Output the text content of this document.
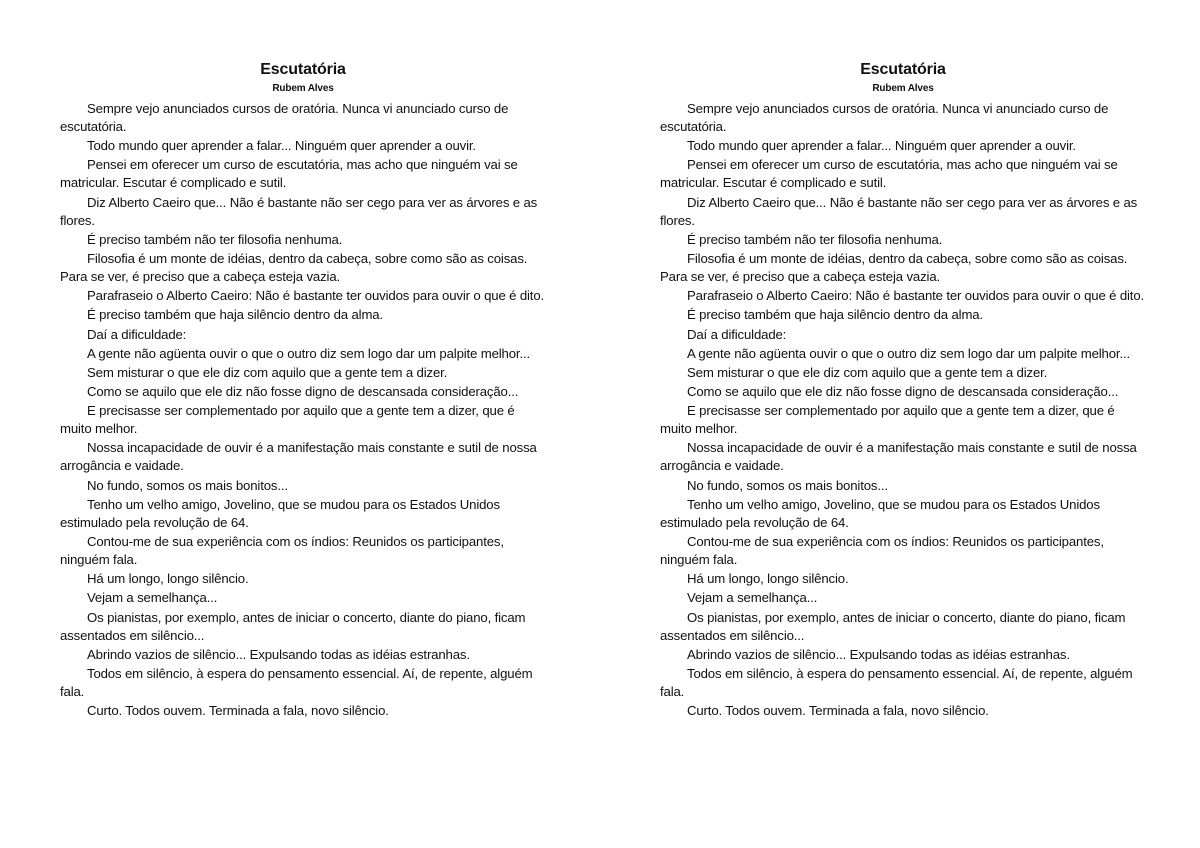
Escutatória
Rubem Alves

Sempre vejo anunciados cursos de oratória. Nunca vi anunciado curso de escutatória.

Todo mundo quer aprender a falar... Ninguém quer aprender a ouvir.

Pensei em oferecer um curso de escutatória, mas acho que ninguém vai se matricular. Escutar é complicado e sutil.

Diz Alberto Caeiro que... Não é bastante não ser cego para ver as árvores e as flores.

É preciso também não ter filosofia nenhuma.

Filosofia é um monte de idéias, dentro da cabeça, sobre como são as coisas. Para se ver, é preciso que a cabeça esteja vazia.

Parafraseio o Alberto Caeiro: Não é bastante ter ouvidos para ouvir o que é dito.

É preciso também que haja silêncio dentro da alma.

Daí a dificuldade:

A gente não agüenta ouvir o que o outro diz sem logo dar um palpite melhor...

Sem misturar o que ele diz com aquilo que a gente tem a dizer.

Como se aquilo que ele diz não fosse digno de descansada consideração...

E precisasse ser complementado por aquilo que a gente tem a dizer, que é muito melhor.

Nossa incapacidade de ouvir é a manifestação mais constante e sutil de nossa arrogância e vaidade.

No fundo, somos os mais bonitos...

Tenho um velho amigo, Jovelino, que se mudou para os Estados Unidos estimulado pela revolução de 64.

Contou-me de sua experiência com os índios: Reunidos os participantes, ninguém fala.

Há um longo, longo silêncio.

Vejam a semelhança...

Os pianistas, por exemplo, antes de iniciar o concerto, diante do piano, ficam assentados em silêncio...

Abrindo vazios de silêncio... Expulsando todas as idéias estranhas.

Todos em silêncio, à espera do pensamento essencial. Aí, de repente, alguém fala.

Curto. Todos ouvem. Terminada a fala, novo silêncio.

Escutatória
Rubem Alves

Sempre vejo anunciados cursos de oratória. Nunca vi anunciado curso de escutatória.

Todo mundo quer aprender a falar... Ninguém quer aprender a ouvir.

Pensei em oferecer um curso de escutatória, mas acho que ninguém vai se matricular. Escutar é complicado e sutil.

Diz Alberto Caeiro que... Não é bastante não ser cego para ver as árvores e as flores.

É preciso também não ter filosofia nenhuma.

Filosofia é um monte de idéias, dentro da cabeça, sobre como são as coisas. Para se ver, é preciso que a cabeça esteja vazia.

Parafraseio o Alberto Caeiro: Não é bastante ter ouvidos para ouvir o que é dito.

É preciso também que haja silêncio dentro da alma.

Daí a dificuldade:

A gente não agüenta ouvir o que o outro diz sem logo dar um palpite melhor...

Sem misturar o que ele diz com aquilo que a gente tem a dizer.

Como se aquilo que ele diz não fosse digno de descansada consideração...

E precisasse ser complementado por aquilo que a gente tem a dizer, que é muito melhor.

Nossa incapacidade de ouvir é a manifestação mais constante e sutil de nossa arrogância e vaidade.

No fundo, somos os mais bonitos...

Tenho um velho amigo, Jovelino, que se mudou para os Estados Unidos estimulado pela revolução de 64.

Contou-me de sua experiência com os índios: Reunidos os participantes, ninguém fala.

Há um longo, longo silêncio.

Vejam a semelhança...

Os pianistas, por exemplo, antes de iniciar o concerto, diante do piano, ficam assentados em silêncio...

Abrindo vazios de silêncio... Expulsando todas as idéias estranhas.

Todos em silêncio, à espera do pensamento essencial. Aí, de repente, alguém fala.

Curto. Todos ouvem. Terminada a fala, novo silêncio.
